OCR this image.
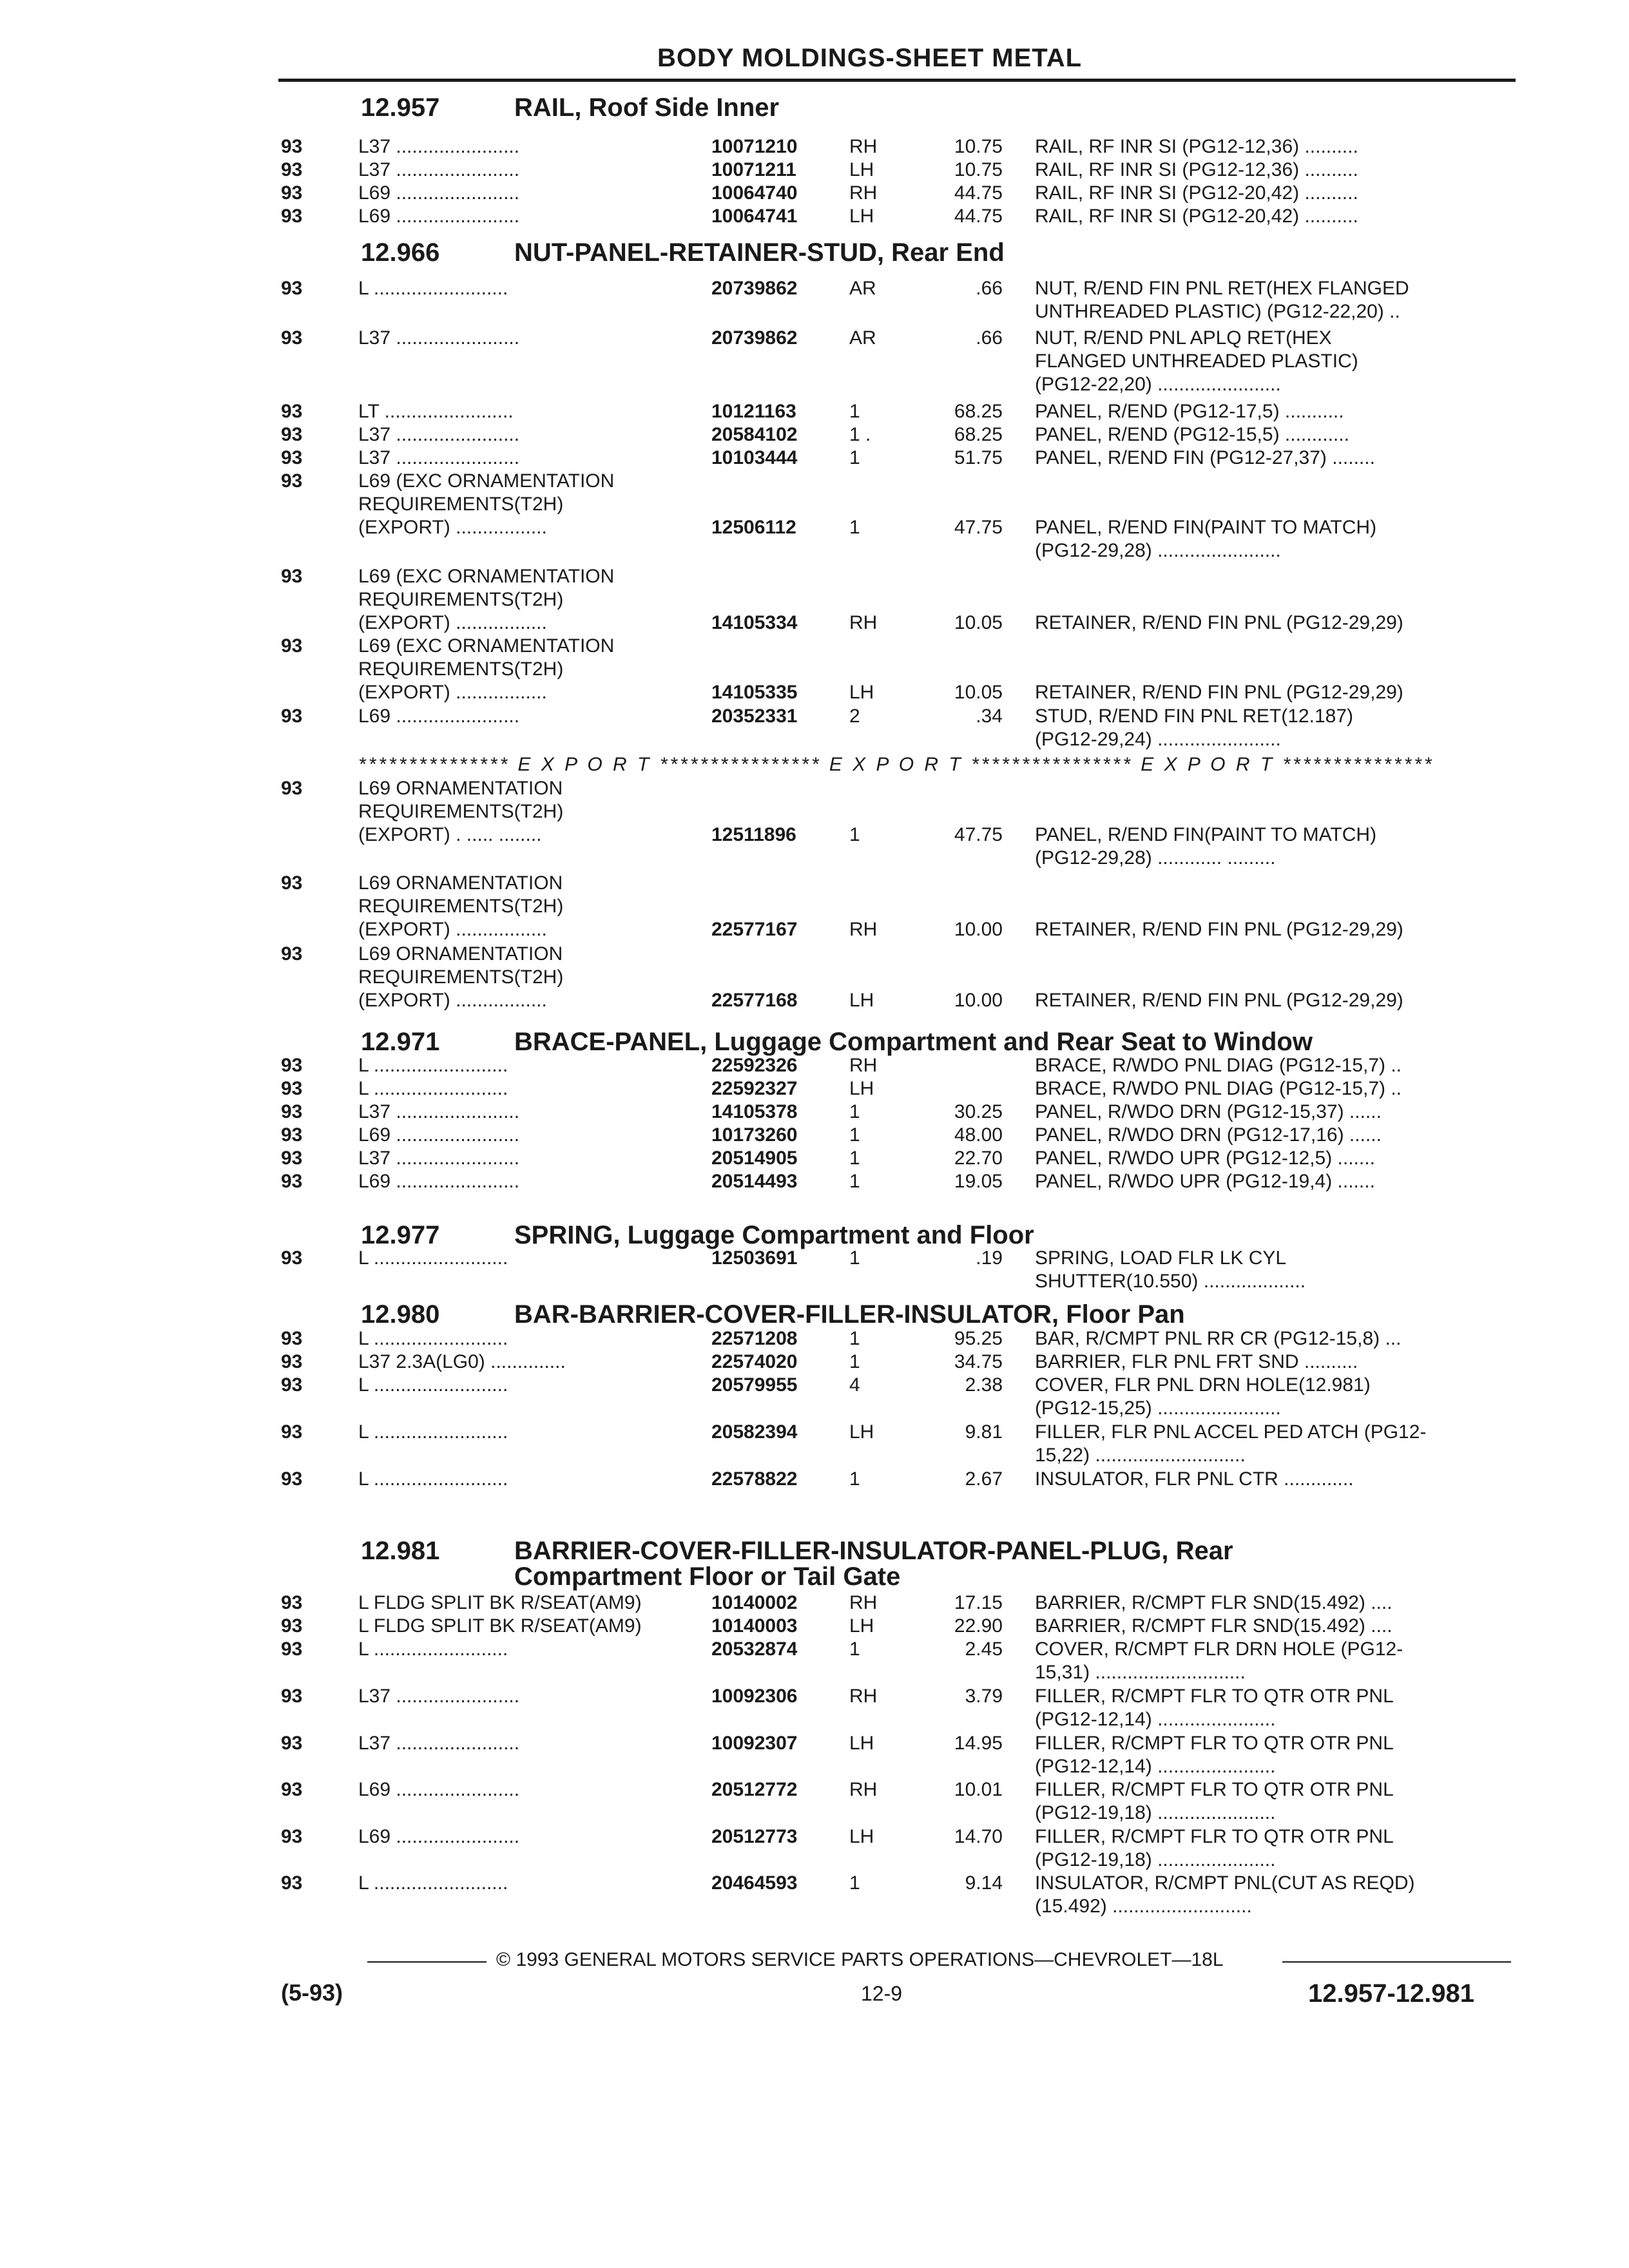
BODY MOLDINGS-SHEET METAL
12.957	RAIL, Roof Side Inner
93	L37 .......................	10071210	RH	10.75 RAIL, RF INR SI (PG12-12,36) ..........
93	L37 .......................	10071211	LH	10.75 RAIL, RF INR SI (PG12-12,36) ..........
93	L69 .......................	10064740	RH	44.75 RAIL, RF INR SI (PG12-20,42) ..........
93	L69 .......................	10064741	LH	44.75 RAIL, RF INR SI (PG12-20,42) ..........
12.966	NUT-PANEL-RETAINER-STUD, Rear End
93	L .........................	20739862	AR	.66 NUT, R/END FIN PNL RET(HEX FLANGED
UNTHREADED PLASTIC) (PG12-22,20) ..
93	L37 .......................	20739862	AR	.66 NUT, R/END PNL APLQ RET(HEX
FLANGED UNTHREADED PLASTIC)
(PG12-22,20) .......................
93	LT ........................	10121163	1	68.25 PANEL, R/END (PG12-17,5) ...........
93	L37 .......................	20584102	1 .	68.25 PANEL, R/END (PG12-15,5) ............
93	L37 .......................	10103444	1	51.75 PANEL, R/END FIN (PG12-27,37) ........
93	L69 (EXC ORNAMENTATION
REQUIREMENTS(T2H)
(EXPORT) .................	12506112	1	47.75 PANEL, R/END FIN(PAINT TO MATCH)
(PG12-29,28) .......................
93	L69 (EXC ORNAMENTATION
REQUIREMENTS(T2H)
(EXPORT) .................	14105334	RH	10.05 RETAINER, R/END FIN PNL (PG12-29,29)
93	L69 (EXC ORNAMENTATION
REQUIREMENTS(T2H)
(EXPORT) .................	14105335	LH	10.05 RETAINER, R/END FIN PNL (PG12-29,29)
93	L69 .......................	20352331	2	.34 STUD, R/END FIN PNL RET(12.187)
(PG12-29,24) .......................
93	L69 ORNAMENTATION
REQUIREMENTS(T2H)
(EXPORT) . ..... ........	12511896	1	47.75 PANEL, R/END FIN(PAINT TO MATCH)
(PG12-29,28) ............ .........
93	L69 ORNAMENTATION
REQUIREMENTS(T2H)
(EXPORT) .................	22577167	RH	10.00 RETAINER, R/END FIN PNL (PG12-29,29)
93	L69 ORNAMENTATION
REQUIREMENTS(T2H)
(EXPORT) .................	22577168	LH	10.00 RETAINER, R/END FIN PNL (PG12-29,29)
12.971	BRACE-PANEL, Luggage Compartment and Rear Seat to Window
93	L .........................	22592326	RH	BRACE, R/WDO PNL DIAG (PG12-15,7) ..
93	L .........................	22592327	LH	BRACE, R/WDO PNL DIAG (PG12-15,7) ..
93	L37 .......................	14105378	1	30.25 PANEL, R/WDO DRN (PG12-15,37) ......
93	L69 .......................	10173260	1	48.00 PANEL, R/WDO DRN (PG12-17,16) ......
93	L37 .......................	20514905	1	22.70 PANEL, R/WDO UPR (PG12-12,5) .......
93	L69 .......................	20514493	1	19.05 PANEL, R/WDO UPR (PG12-19,4) .......
12.977	SPRING, Luggage Compartment and Floor
93	L .........................	12503691	1	.19 SPRING, LOAD FLR LK CYL
SHUTTER(10.550) ...................
12.980	BAR-BARRIER-COVER-FILLER-INSULATOR, Floor Pan
93	L .........................	22571208	1	95.25 BAR, R/CMPT PNL RR CR (PG12-15,8) ...
93	L37 2.3A(LG0) ..............	22574020	1	34.75 BARRIER, FLR PNL FRT SND ..........
93	L .........................	20579955	4	2.38 COVER, FLR PNL DRN HOLE(12.981)
(PG12-15,25) .......................
93	L .........................	20582394	LH	9.81 FILLER, FLR PNL ACCEL PED ATCH (PG12-
15,22) ............................
93	L .........................	22578822	1	2.67 INSULATOR, FLR PNL CTR .............
12.981	BARRIER-COVER-FILLER-INSULATOR-PANEL-PLUG, Rear
Compartment Floor or Tail Gate
93	L FLDG SPLIT BK R/SEAT(AM9)	10140002	RH	17.15 BARRIER, R/CMPT FLR SND(15.492) ....
93	L FLDG SPLIT BK R/SEAT(AM9)	10140003	LH	22.90 BARRIER, R/CMPT FLR SND(15.492) ....
93	L .........................	20532874	1	2.45 COVER, R/CMPT FLR DRN HOLE (PG12-
15,31) ............................
93	L37 .......................	10092306	RH	3.79 FILLER, R/CMPT FLR TO QTR OTR PNL
(PG12-12,14) ......................
93	L37 .......................	10092307	LH	14.95 FILLER, R/CMPT FLR TO QTR OTR PNL
(PG12-12,14) ......................
93	L69 .......................	20512772	RH	10.01 FILLER, R/CMPT FLR TO QTR OTR PNL
(PG12-19,18) ......................
93	L69 .......................	20512773	LH	14.70 FILLER, R/CMPT FLR TO QTR OTR PNL
(PG12-19,18) ......................
93	L .........................	20464593	1	9.14 INSULATOR, R/CMPT PNL(CUT AS REQD)
(15.492) ..........................
*************** E X P O R T **************** E X P O R T **************** E X P O R T ***************
© 1993 GENERAL MOTORS SERVICE PARTS OPERATIONS—CHEVROLET—18L
(5-93)	12-9	12.957-12.981
